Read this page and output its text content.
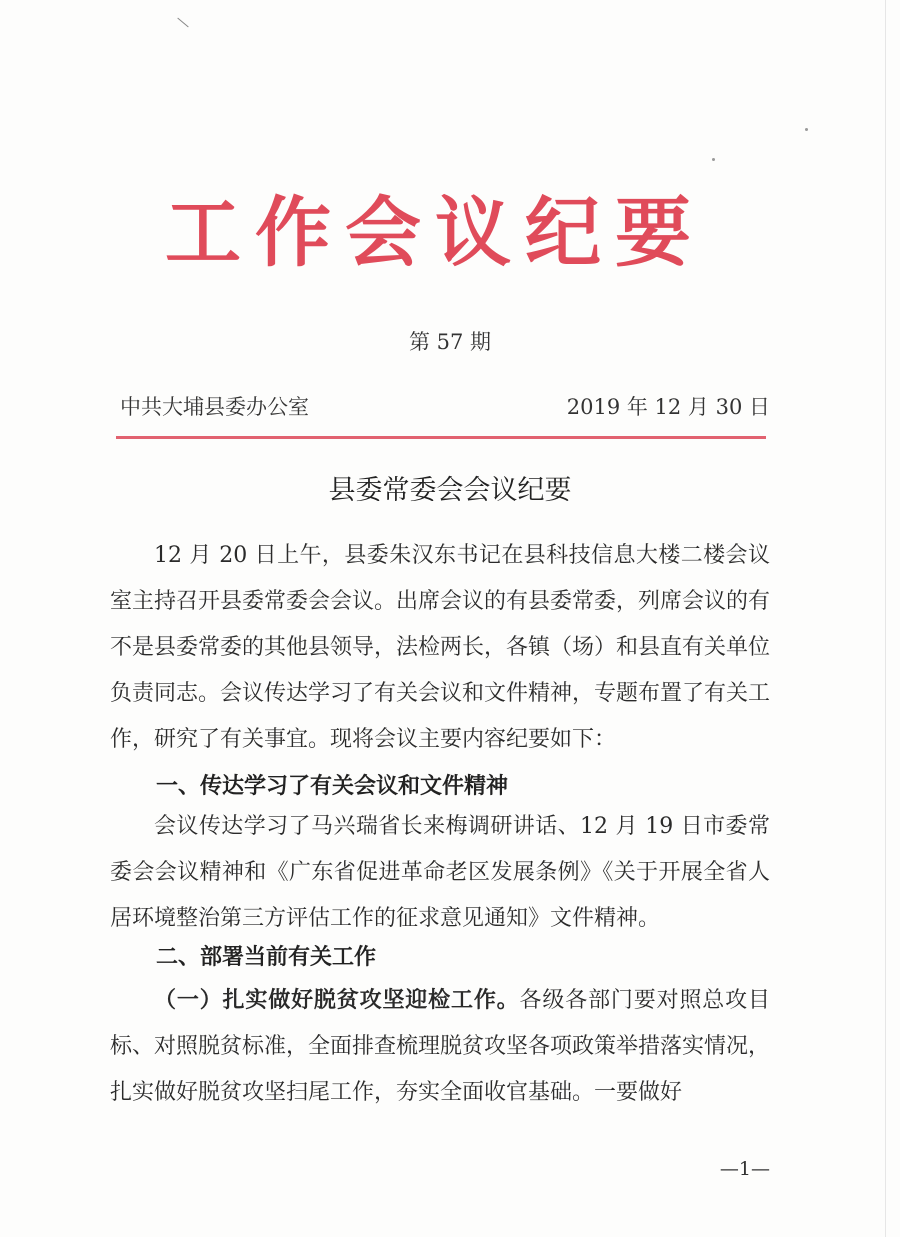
工作会议纪要
第 57 期
中共大埔县委办公室	2019 年 12 月 30 日
县委常委会会议纪要

12 月 20 日上午，县委朱汉东书记在县科技信息大楼二楼会议室主持召开县委常委会会议。出席会议的有县委常委，列席会议的有不是县委常委的其他县领导，法检两长，各镇（场）和县直有关单位负责同志。会议传达学习了有关会议和文件精神，专题布置了有关工作，研究了有关事宜。现将会议主要内容纪要如下：

一、传达学习了有关会议和文件精神

会议传达学习了马兴瑞省长来梅调研讲话、12 月 19 日市委常委会会议精神和《广东省促进革命老区发展条例》《关于开展全省人居环境整治第三方评估工作的征求意见通知》文件精神。

二、部署当前有关工作

（一）扎实做好脱贫攻坚迎检工作。各级各部门要对照总攻目标、对照脱贫标准，全面排查梳理脱贫攻坚各项政策举措落实情况，扎实做好脱贫攻坚扫尾工作，夯实全面收官基础。一要做好

—1—
